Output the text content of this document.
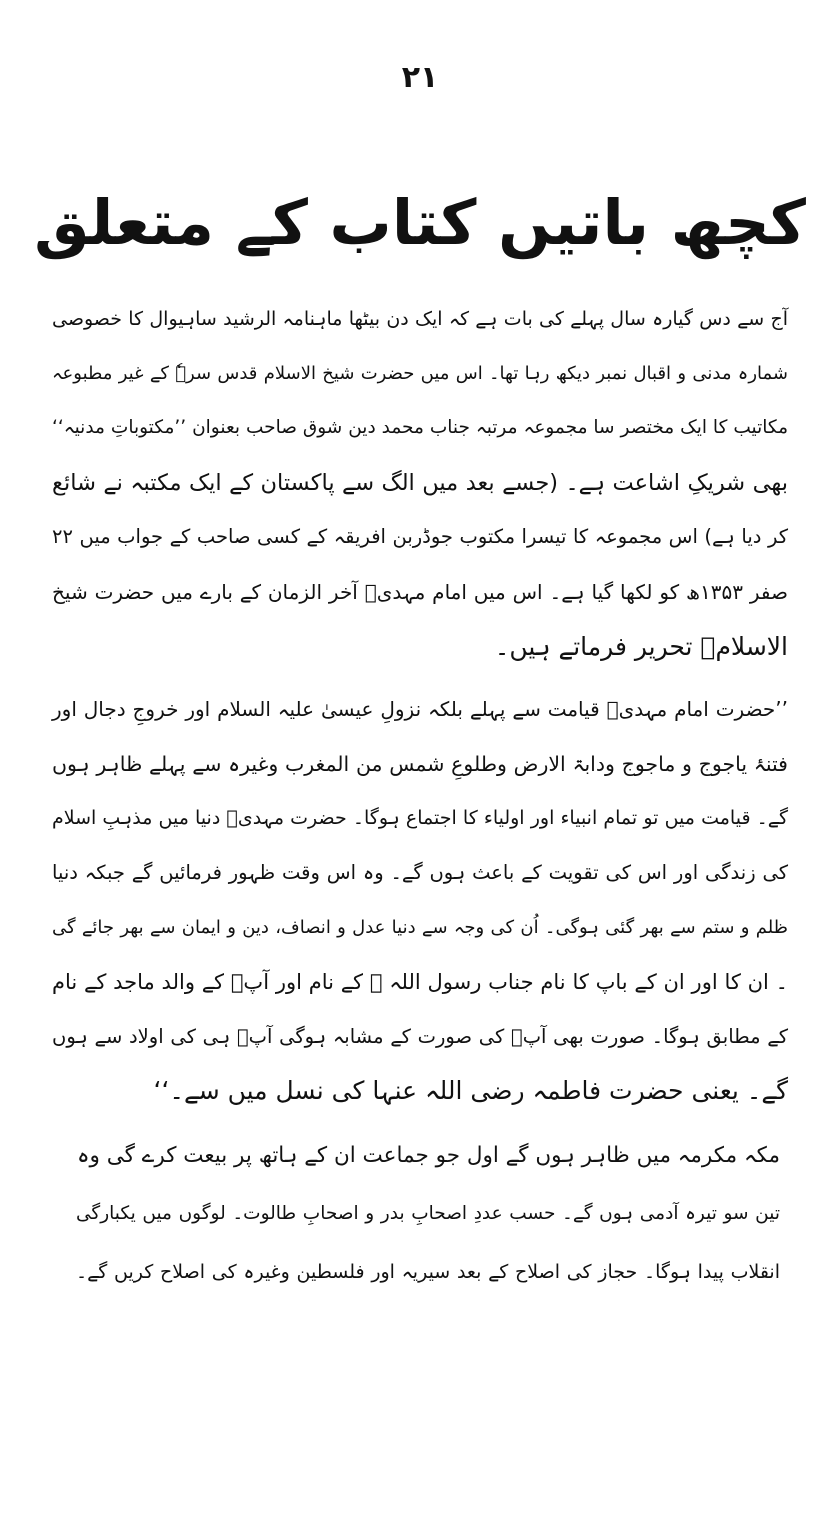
٢١
کچھ باتیں کتاب کے متعلق
آج سے دس گیارہ سال پہلے کی بات ہے کہ ایک دن بیٹھا ماہنامہ الرشید ساہیوال کا خصوصی
شمارہ مدنی و اقبال نمبر دیکھ رہا تھا۔ اس میں حضرت شیخ الاسلام قدس سرہٗ کے غیر مطبوعہ
مکاتیب کا ایک مختصر سا مجموعہ مرتبہ جناب محمد دین شوق صاحب بعنوان ’’مکتوباتِ مدنیہ‘‘
بھی شریکِ اشاعت ہے۔ (جسے بعد میں الگ سے پاکستان کے ایک مکتبہ نے شائع
کر دیا ہے) اس مجموعہ کا تیسرا مکتوب جوڈربن افریقہ کے کسی صاحب کے جواب میں ۲۲
صفر ۱۳۵۳ھ کو لکھا گیا ہے۔ اس میں امام مہدیؒ آخر الزمان کے بارے میں حضرت شیخ
الاسلامؒ تحریر فرماتے ہیں۔
’’حضرت امام مہدیؒ قیامت سے پہلے بلکہ نزولِ عیسیٰ علیہ السلام اور خروجِ دجال اور
فتنۂ یاجوج و ماجوج ودابۃ الارض وطلوعِ شمس من المغرب وغیرہ سے پہلے ظاہر ہوں
گے۔ قیامت میں تو تمام انبیاء اور اولیاء کا اجتماع ہوگا۔ حضرت مہدیؒ دنیا میں مذہبِ اسلام
کی زندگی اور اس کی تقویت کے باعث ہوں گے۔ وہ اس وقت ظہور فرمائیں گے جبکہ دنیا
ظلم و ستم سے بھر گئی ہوگی۔ اُن کی وجہ سے دنیا عدل و انصاف، دین و ایمان سے بھر جائے گی
۔ ان کا اور ان کے باپ کا نام جناب رسول اللہ ﷺ کے نام اور آپؐ کے والد ماجد کے نام
کے مطابق ہوگا۔ صورت بھی آپؐ کی صورت کے مشابہ ہوگی آپؐ ہی کی اولاد سے ہوں
گے۔ یعنی حضرت فاطمہ رضی اللہ عنہا کی نسل میں سے۔‘‘
مکہ مکرمہ میں ظاہر ہوں گے اول جو جماعت ان کے ہاتھ پر بیعت کرے گی وہ
تین سو تیرہ آدمی ہوں گے۔ حسب عددِ اصحابِ بدر و اصحابِ طالوت۔ لوگوں میں یکبارگی
انقلاب پیدا ہوگا۔ حجاز کی اصلاح کے بعد سیریہ اور فلسطین وغیرہ کی اصلاح کریں گے۔
